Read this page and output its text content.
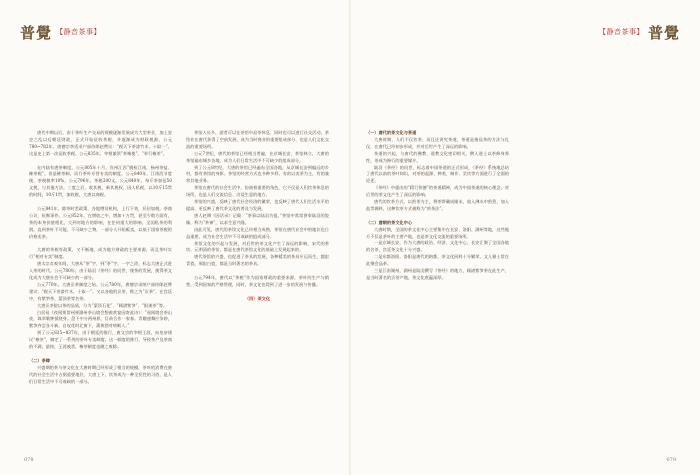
普覺 【静音茶事】	【静音茶事】 普覺

唐代中期以后，由于茶叶生产交易的规模逐渐发展成为大型茶业，加上安史之乱以后朝廷财政，正式开始征收茶税，并逐渐成为财政税源。公元780~782年，唐德宗李适采户部侍郎赵赞议：“税天下茶漆竹木，十取一”，这是史上第一次征收茶税。公元835年，宰相兼领“茶榷使”，“举行榷茶”。

在内陆有唐茶制度，公元805年十月，宣州江西“桃杭江南，杨州茶盐、榷茶税”。但是榷茶制，而行茶叶专营专卖的制度。公元840年，江南西节度使，茶税税率10%，公元796年，茶税200文。公元840年，每斤茶加征50文税，与其他方法。三度之后，收其税，乘其税权，因人私税，以10斤15贯的时间，10斤1贯，加收税，大唐以商税。

公元841年，除茶时差政策，各地增设机构，上行下效，层层加税。茶商公议，抗衡事件。公元852年，在增收之中，增加十万贯，甚至少数方面有，茶的本身价值相比，大到对地方的影响，在任何重大的影响，全国私茶的利润，直到茶叶不可能，不可缺少之物，一部分人开始贩卖，以低于国家茶税的价格卖茶。

大唐的茶税有政策，又不断地，成为地方财政的主要来源，而且茶叶实行“相对专卖”制度。

唐太宗贞观年间，大唐从“茶”字，到“茶”字，一字之改，标志大唐正式进入茶的时代。公元780年，由于陆羽《茶经》的问世，使茶的发展，使得茶文化成为大唐社会不可缺少的一部分。

公元770年，大唐贡茶制度之始。公元780年，唐德宗采纳户部侍郎赵赞建议：“税天下茶漆竹木，十取一”。又以各地的贡茶，称之为“贡茶”，在宫廷中，有紫笋茶、蒙顶茶等名茶。

大唐贡茶院以茶的品质，分为“蒙顶石花”、“顾渚紫笋”、“阳羡茶”等。

白居易《夜闻贾常州崔湖州茶山境会想羡欢宴因寄此诗》：“遥闻境会茶山夜，珠翠歌钟俱绕身。盘下中分两州界，灯前合作一家春。青娥递舞应争妙，紫笋齐尝各斗新。自叹花时北窗下，蒲黄酒对病眠人。”

到了公元835~837年，由于朝廷的推行，唐文宗的宰相王涯，向皇帝建议“榷茶”，制定了一系列的茶叶专卖制度。这一制度的推行，导致茶户及茶商的不满，最终，王涯被杀，榷茶制度也随之废除。

（二）茶肆

兴盛期的茶与茶文化在大唐时期已经形成了相当的规模，茶叶的消费在唐代的社会生活中占据重要地位，大唐上下，饮茶成为一种全民性的习俗，是人们日常生活中不可或缺的一部分。

茶馆人员多，游者可以在茶馆中品茶休息，同时也可以进行社交活动。茶馆业在唐代获得了空前发展，成为当时商业的重要组成部分，也是人们文化交流的重要场所。

公元7世纪，唐代的茶馆已经相当普遍，在京城长安，茶馆林立，大唐的茶馆遍布城乡各地，成为人们日常生活中不可缺少的组成部分。

到了公元8世纪，大唐的茶馆已经遍布全国各地，从京城长安到偏远的乡村，都有茶馆的身影。茶馆的经营方式也多种多样，有的以卖茶为主，有的兼营其他业务。

茶馆在唐代的社会生活中，扮演着重要的角色，它不仅是人们饮茶休息的场所，也是人们交流信息、洽谈生意的地方。

茶馆的兴盛，反映了唐代社会经济的繁荣，也反映了唐代人们生活水平的提高，更反映了唐代茶文化的普及与发展。

唐人赵璘《因话录》记载：“茶事以陆羽为祖。”茶馆中常常供奉陆羽的瓷像，称为“茶神”，以求生意兴隆。

由此可见，唐代的茶馆文化已经相当成熟，茶馆在唐代社会中的地位也日益重要，成为社会生活中不可或缺的组成部分。

茶馆文化的兴起与发展，对后世的茶文化产生了深远的影响，宋代的茶坊、元明清的茶馆，都是在唐代茶馆文化的基础上发展起来的。

唐代茶馆的兴盛，也促进了茶具的发展，各种精美的茶具应运而生，越窑青瓷、邢窑白瓷，都是当时著名的茶具。

公元794年，唐代以“茶税”作为国家财政的重要来源，茶叶的生产与销售，受到国家的严格管理，同时，茶文化也得到了进一步的发展与传播。

（四）茶文化

（一）唐代的茶文化与茶道

大唐时期，人们不仅饮茶，而且还讲究茶道，茶道是指品茶的方法与礼仪，在唐代已经初步形成，并对后世产生了深远的影响。

茶道的兴起，与唐代的佛教、道教文化密切相关，僧人道士以茶修身养性，茶成为修行的重要媒介。

陆羽《茶经》的问世，标志着中国茶道的正式形成，《茶经》系统地总结了唐代以前的茶叶知识，对茶的起源、种类、制作、烹饮等方面进行了全面的论述。

《茶经》中提出的“精行俭德”的茶道精神，成为中国茶道的核心理念，对后世的茶文化产生了深远的影响。

唐代的饮茶方式，以煎茶为主，将茶饼碾成细末，放入沸水中煎煮，加入盐等调料，这种饮茶方式被称为“煎茶法”。

（二）唐朝的茶文化中心

大唐时期，全国的茶文化中心主要集中在长安、洛阳、湖州等地，这些地方不仅是茶叶的主要产地，也是茶文化交流的重要场所。

一是京城长安，作为大唐的政治、经济、文化中心，长安汇聚了全国各地的名茶，宫廷茶文化十分兴盛。

二是东都洛阳，洛阳是唐代的陪都，茶文化同样十分繁荣，文人雅士常在此聚会品茶。

三是江南湖州，湖州是陆羽撰写《茶经》的地方，顾渚紫笋茶在此生产，是当时著名的贡茶产地，茶文化底蕴深厚。

078	079
